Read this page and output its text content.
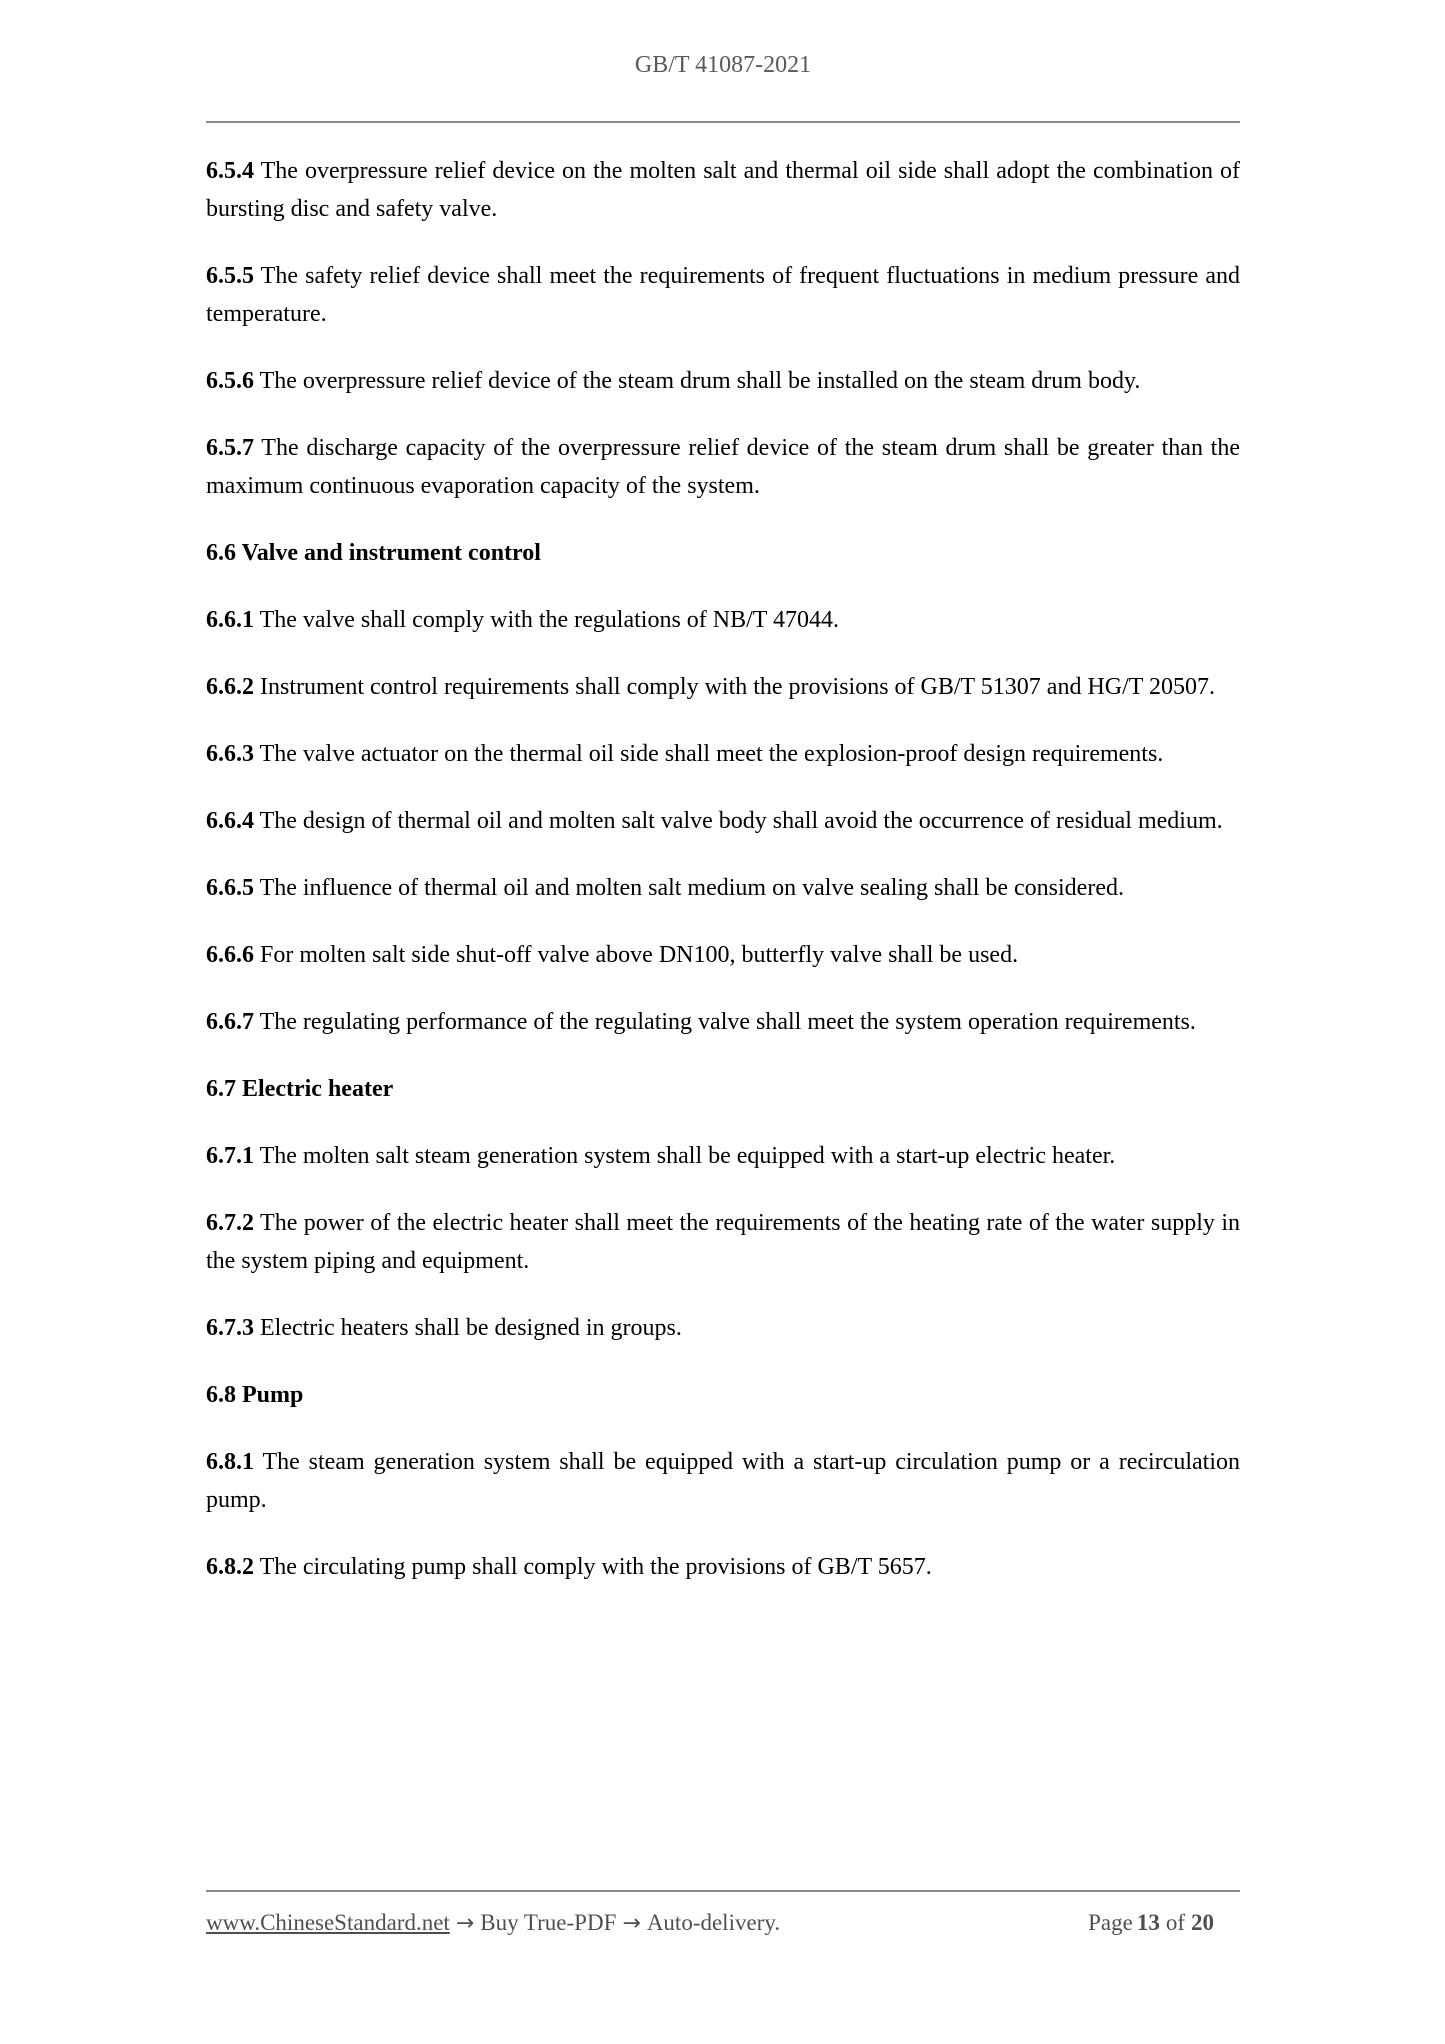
GB/T 41087-2021

6.5.4 The overpressure relief device on the molten salt and thermal oil side shall adopt the combination of bursting disc and safety valve.

6.5.5 The safety relief device shall meet the requirements of frequent fluctuations in medium pressure and temperature.

6.5.6 The overpressure relief device of the steam drum shall be installed on the steam drum body.

6.5.7 The discharge capacity of the overpressure relief device of the steam drum shall be greater than the maximum continuous evaporation capacity of the system.

6.6 Valve and instrument control

6.6.1 The valve shall comply with the regulations of NB/T 47044.

6.6.2 Instrument control requirements shall comply with the provisions of GB/T 51307 and HG/T 20507.

6.6.3 The valve actuator on the thermal oil side shall meet the explosion-proof design requirements.

6.6.4 The design of thermal oil and molten salt valve body shall avoid the occurrence of residual medium.

6.6.5 The influence of thermal oil and molten salt medium on valve sealing shall be considered.

6.6.6 For molten salt side shut-off valve above DN100, butterfly valve shall be used.

6.6.7 The regulating performance of the regulating valve shall meet the system operation requirements.

6.7 Electric heater

6.7.1 The molten salt steam generation system shall be equipped with a start-up electric heater.

6.7.2 The power of the electric heater shall meet the requirements of the heating rate of the water supply in the system piping and equipment.

6.7.3 Electric heaters shall be designed in groups.

6.8 Pump

6.8.1 The steam generation system shall be equipped with a start-up circulation pump or a recirculation pump.

6.8.2 The circulating pump shall comply with the provisions of GB/T 5657.

www.ChineseStandard.net → Buy True-PDF → Auto-delivery.	Page 13 of 20
